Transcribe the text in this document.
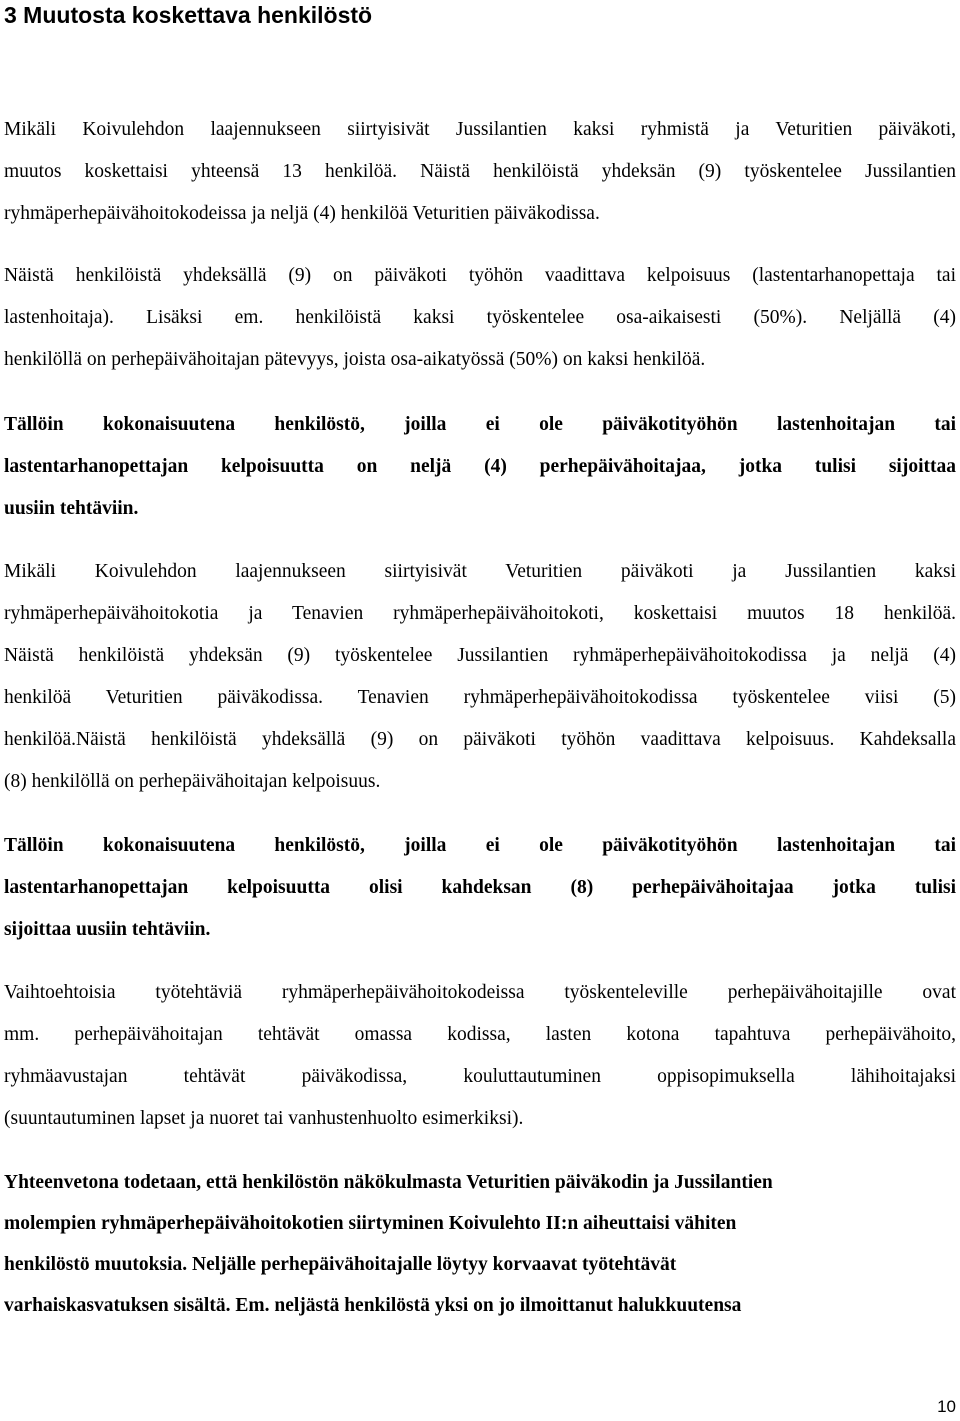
3 Muutosta koskettava henkilöstö
Mikäli Koivulehdon laajennukseen siirtyisivät Jussilantien kaksi ryhmistä ja Veturitien päiväkoti,
muutos koskettaisi yhteensä 13 henkilöä. Näistä henkilöistä yhdeksän (9) työskentelee Jussilantien
ryhmäperhepäivähoitokodeissa ja neljä (4) henkilöä Veturitien päiväkodissa.
Näistä henkilöistä yhdeksällä (9) on päiväkoti työhön vaadittava kelpoisuus (lastentarhanopettaja tai
lastenhoitaja). Lisäksi em. henkilöistä kaksi työskentelee osa-aikaisesti (50%). Neljällä (4)
henkilöllä on perhepäivähoitajan pätevyys, joista osa-aikatyössä (50%) on kaksi henkilöä.
Tällöin kokonaisuutena henkilöstö, joilla ei ole päiväkotityöhön lastenhoitajan tai
lastentarhanopettajan kelpoisuutta on neljä (4) perhepäivähoitajaa, jotka tulisi sijoittaa
uusiin tehtäviin.
Mikäli Koivulehdon laajennukseen siirtyisivät Veturitien päiväkoti ja Jussilantien kaksi
ryhmäperhepäivähoitokotia ja Tenavien ryhmäperhepäivähoitokoti, koskettaisi muutos 18 henkilöä.
Näistä henkilöistä yhdeksän (9) työskentelee Jussilantien ryhmäperhepäivähoitokodissa ja neljä (4)
henkilöä Veturitien päiväkodissa. Tenavien ryhmäperhepäivähoitokodissa työskentelee viisi (5)
henkilöä.Näistä henkilöistä yhdeksällä (9) on päiväkoti työhön vaadittava kelpoisuus. Kahdeksalla
(8) henkilöllä on perhepäivähoitajan kelpoisuus.
Tällöin kokonaisuutena henkilöstö, joilla ei ole päiväkotityöhön lastenhoitajan tai
lastentarhanopettajan kelpoisuutta olisi kahdeksan (8) perhepäivähoitajaa jotka tulisi
sijoittaa uusiin tehtäviin.
Vaihtoehtoisia työtehtäviä ryhmäperhepäivähoitokodeissa työskenteleville perhepäivähoitajille ovat
mm. perhepäivähoitajan tehtävät omassa kodissa, lasten kotona tapahtuva perhepäivähoito,
ryhmäavustajan tehtävät päiväkodissa, kouluttautuminen oppisopimuksella lähihoitajaksi
(suuntautuminen lapset ja nuoret tai vanhustenhuolto esimerkiksi).
Yhteenvetona todetaan, että henkilöstön näkökulmasta Veturitien päiväkodin ja Jussilantien
molempien ryhmäperhepäivähoitokotien siirtyminen Koivulehto II:n aiheuttaisi vähiten
henkilöstö muutoksia. Neljälle perhepäivähoitajalle löytyy korvaavat työtehtävät
varhaiskasvatuksen sisältä. Em. neljästä henkilöstä yksi on jo ilmoittanut halukkuutensa
10
